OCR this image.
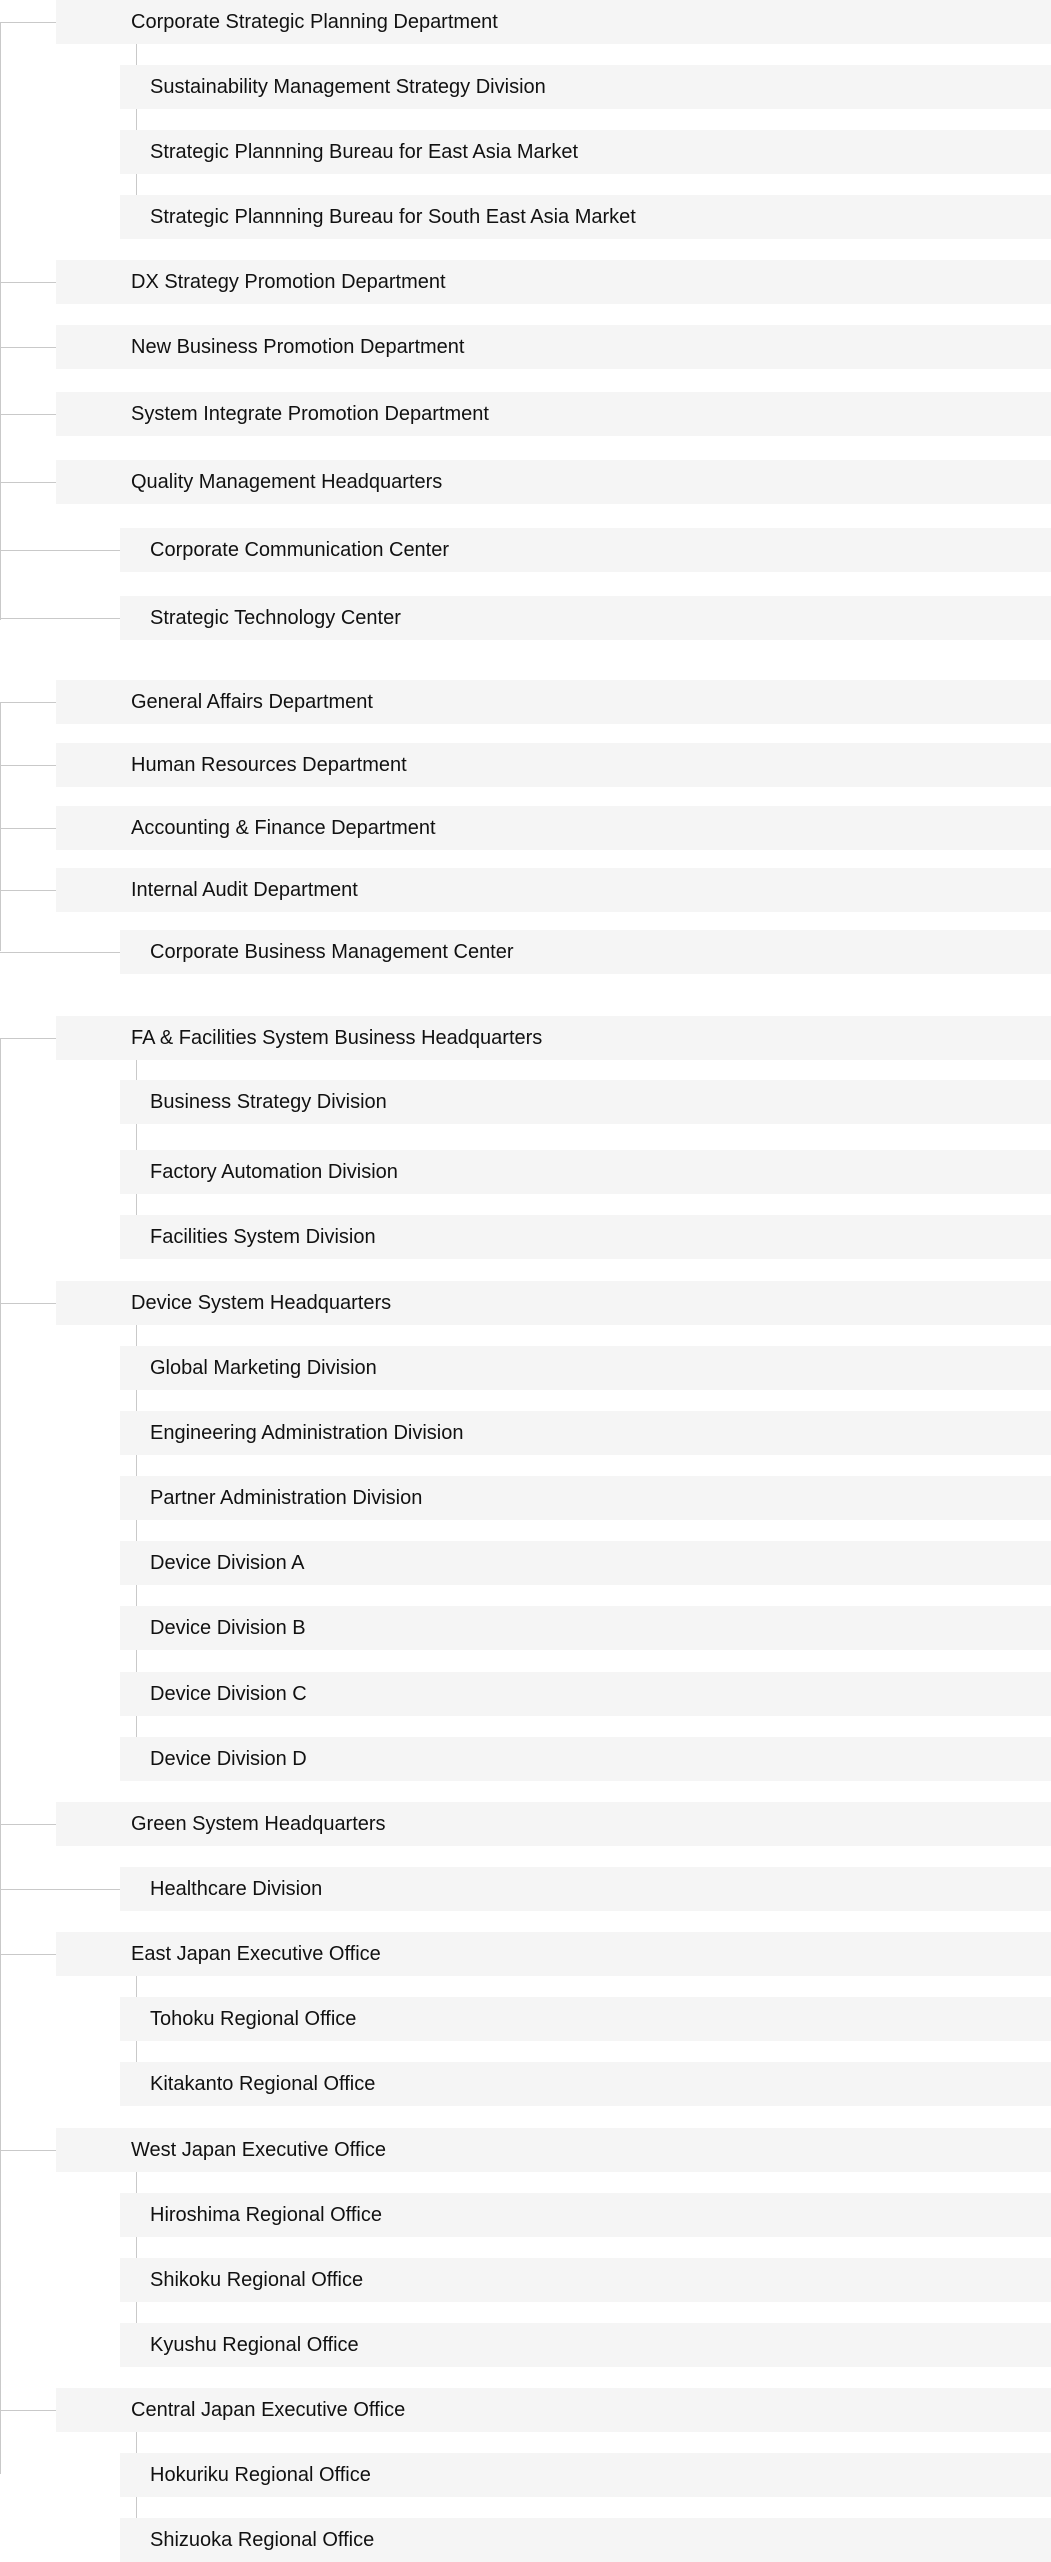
Corporate Strategic Planning Department
Sustainability Management Strategy Division
Strategic Plannning Bureau for East Asia Market
Strategic Plannning Bureau for South East Asia Market
DX Strategy Promotion Department
New Business Promotion Department
System Integrate Promotion Department
Quality Management Headquarters
Corporate Communication Center
Strategic Technology Center
General Affairs Department
Human Resources Department
Accounting & Finance Department
Internal Audit Department
Corporate Business Management Center
FA & Facilities System Business Headquarters
Business Strategy Division
Factory Automation Division
Facilities System Division
Device System Headquarters
Global Marketing Division
Engineering Administration Division
Partner Administration Division
Device Division A
Device Division B
Device Division C
Device Division D
Green System Headquarters
Healthcare Division
East Japan Executive Office
Tohoku Regional Office
Kitakanto Regional Office
West Japan Executive Office
Hiroshima Regional Office
Shikoku Regional Office
Kyushu Regional Office
Central Japan Executive Office
Hokuriku Regional Office
Shizuoka Regional Office
